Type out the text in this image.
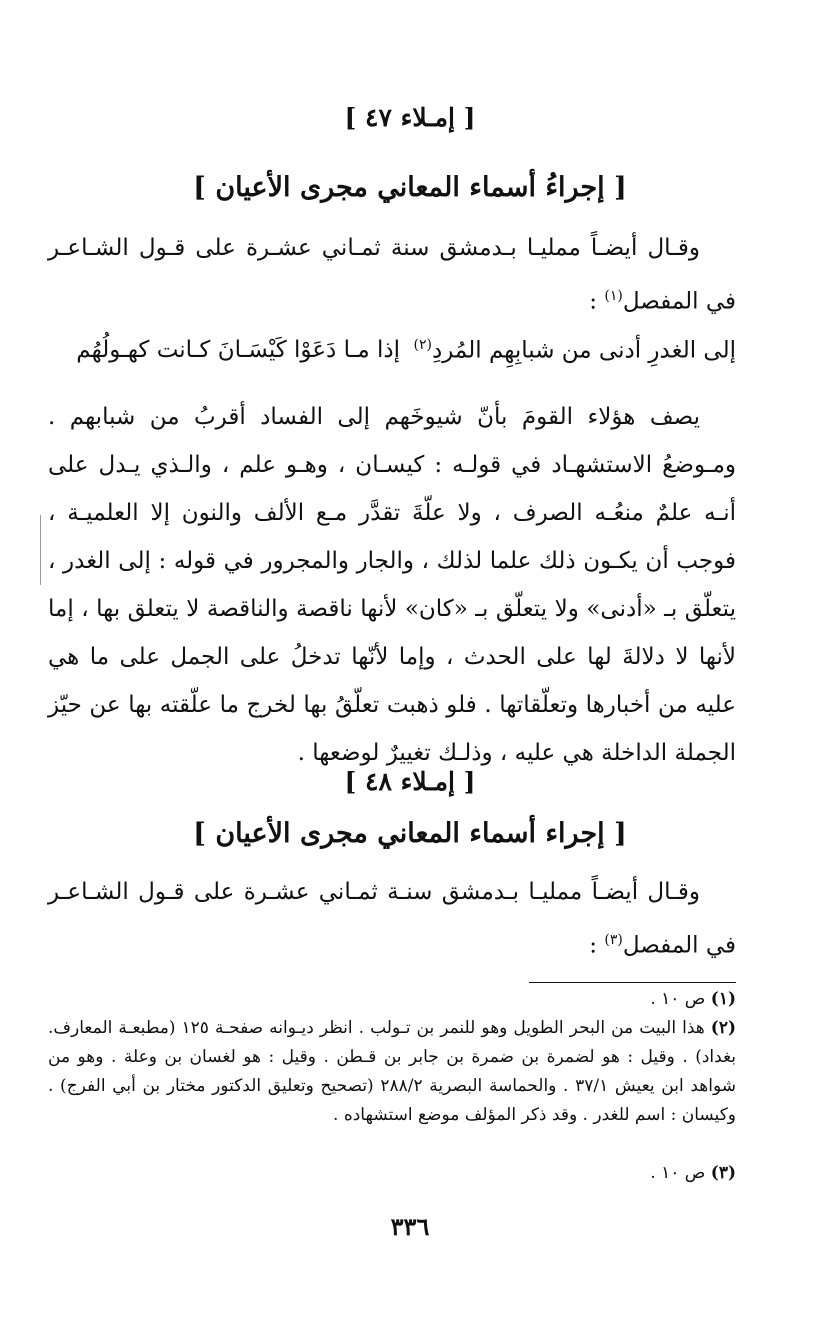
[ إمـلاء ٤٧ ]
[ إجراءُ أسماء المعاني مجرى الأعيان ]
وقـال أيضـاً ممليـا بـدمشق سنة ثمـاني عشـرة على قـول الشـاعـر في المفصل$^{(١)}$ :
إذا مـا دَعَوْا كَيْسَـانَ كـانت كهـولُهُم	إلى الغدرِ أدنى من شبابِهِم المُردِ$^{(٢)}$
يصف هؤلاء القومَ بأنّ شيوخَهم إلى الفساد أقربُ من شبابهم . ومـوضعُ الاستشهـاد في قولـه : كيسـان ، وهـو علم ، والـذي يـدل على أنـه علمٌ منعُـه الصرف ، ولا علّةَ تقدَّر مـع الألف والنون إلا العلميـة ، فوجب أن يكـون ذلك علما لذلك ، والجار والمجرور في قوله : إلى الغدر ، يتعلّق بـ «أدنى» ولا يتعلّق بـ «كان» لأنها ناقصة والناقصة لا يتعلق بها ، إما لأنها لا دلالةَ لها على الحدث ، وإما لأنّها تدخلُ على الجمل على ما هي عليه من أخبارها وتعلّقاتها . فلو ذهبت تعلّقُ بها لخرج ما علّقته بها عن حيّز الجملة الداخلة هي عليه ، وذلـك تغييرٌ لوضعها .
[ إمـلاء ٤٨ ]
[ إجراء أسماء المعاني مجرى الأعيان ]
وقـال أيضـاً ممليـا بـدمشق سنـة ثمـاني عشـرة على قـول الشـاعـر في المفصل$^{(٣)}$ :
(١) ص ١٠ .
(٢) هذا البيت من البحر الطويل وهو للنمر بن تـولب . انظر ديـوانه صفحـة ١٢٥ (مطبعـة المعارف. بغداد) . وقيل : هو لضمرة بن ضمرة بن جابر بن قـطن . وقيل : هو لغسان بن وعلة . وهو من شواهد ابن يعيش ٣٧/١ . والحماسة البصرية ٢٨٨/٢ (تصحيح وتعليق الدكتور مختار بن أبي الفرج) . وكيسان : اسم للغدر . وقد ذكر المؤلف موضع استشهاده .
(٣) ص ١٠ .
٣٣٦
